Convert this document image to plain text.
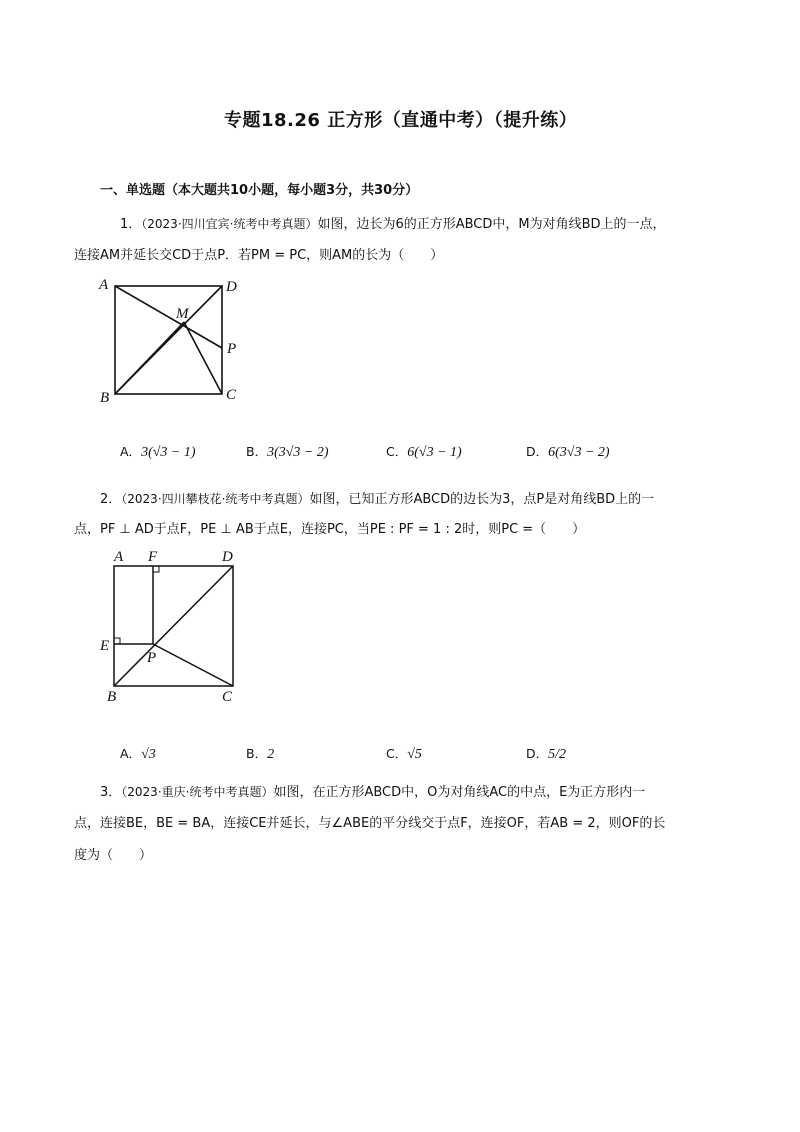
专题18.26 正方形（直通中考）（提升练）
一、单选题（本大题共10小题，每小题3分，共30分）
1．（2023·四川宜宾·统考中考真题）如图，边长为6的正方形ABCD中，M为对角线BD上的一点，
连接AM并延长交CD于点P．若PM = PC，则AM的长为（　　）
A	D
M
P
B	C
A．3(√3 − 1)	B．3(3√3 − 2)	C．6(√3 − 1)	D．6(3√3 − 2)
2．（2023·四川攀枝花·统考中考真题）如图，已知正方形ABCD的边长为3，点P是对角线BD上的一
点，PF ⊥ AD于点F，PE ⊥ AB于点E，连接PC，当PE : PF = 1 : 2时，则PC =（　　）
A F	D
E
P
B	C
A．√3	B．2	C．√5	D．5/2
3．（2023·重庆·统考中考真题）如图，在正方形ABCD中，O为对角线AC的中点，E为正方形内一
点，连接BE，BE = BA，连接CE并延长，与∠ABE的平分线交于点F，连接OF，若AB = 2，则OF的长
度为（　　）
